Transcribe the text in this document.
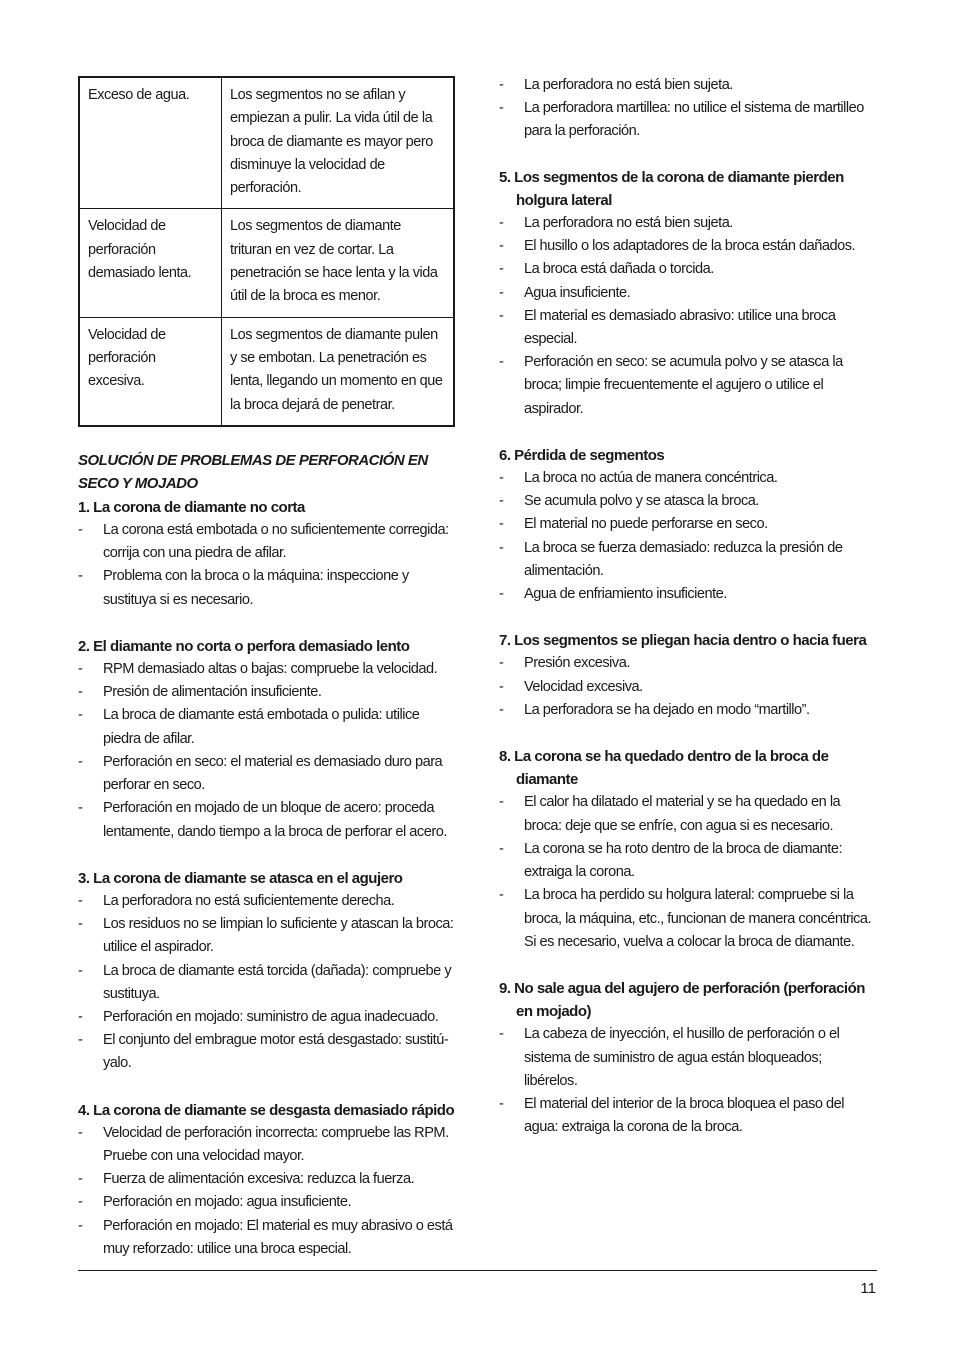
Exceso de agua.	Los segmentos no se afilan y empiezan a pulir. La vida útil de la broca de diamante es mayor pero disminuye la velocidad de perforación.
Velocidad de perforación demasiado lenta.	Los segmentos de diamante trituran en vez de cortar. La penetración se hace lenta y la vida útil de la broca es menor.
Velocidad de perforación excesiva.	Los segmentos de diamante pulen y se embotan. La penetración es lenta, llegando un momento en que la broca dejará de penetrar.
SOLUCIÓN DE PROBLEMAS DE PERFORACIÓN EN SECO Y MOJADO
1. La corona de diamante no corta
- La corona está embotada o no suficientemente corregida: corrija con una piedra de afilar.
- Problema con la broca o la máquina: inspeccione y sustituya si es necesario.
2. El diamante no corta o perfora demasiado lento
- RPM demasiado altas o bajas: compruebe la velocidad.
- Presión de alimentación insuficiente.
- La broca de diamante está embotada o pulida: utilice piedra de afilar.
- Perforación en seco: el material es demasiado duro para perforar en seco.
- Perforación en mojado de un bloque de acero: proceda lentamente, dando tiempo a la broca de perforar el acero.
3. La corona de diamante se atasca en el agujero
- La perforadora no está suficientemente derecha.
- Los residuos no se limpian lo suficiente y atascan la broca: utilice el aspirador.
- La broca de diamante está torcida (dañada): compruebe y sustituya.
- Perforación en mojado: suministro de agua inadecuado.
- El conjunto del embrague motor está desgastado: sustitúyalo.
4. La corona de diamante se desgasta demasiado rápido
- Velocidad de perforación incorrecta: compruebe las RPM. Pruebe con una velocidad mayor.
- Fuerza de alimentación excesiva: reduzca la fuerza.
- Perforación en mojado: agua insuficiente.
- Perforación en mojado: El material es muy abrasivo o está muy reforzado: utilice una broca especial.
- La perforadora no está bien sujeta.
- La perforadora martillea: no utilice el sistema de martilleo para la perforación.
5. Los segmentos de la corona de diamante pierden holgura lateral
- La perforadora no está bien sujeta.
- El husillo o los adaptadores de la broca están dañados.
- La broca está dañada o torcida.
- Agua insuficiente.
- El material es demasiado abrasivo: utilice una broca especial.
- Perforación en seco: se acumula polvo y se atasca la broca; limpie frecuentemente el agujero o utilice el aspirador.
6. Pérdida de segmentos
- La broca no actúa de manera concéntrica.
- Se acumula polvo y se atasca la broca.
- El material no puede perforarse en seco.
- La broca se fuerza demasiado: reduzca la presión de alimentación.
- Agua de enfriamiento insuficiente.
7. Los segmentos se pliegan hacia dentro o hacia fuera
- Presión excesiva.
- Velocidad excesiva.
- La perforadora se ha dejado en modo “martillo”.
8. La corona se ha quedado dentro de la broca de diamante
- El calor ha dilatado el material y se ha quedado en la broca: deje que se enfríe, con agua si es necesario.
- La corona se ha roto dentro de la broca de diamante: extraiga la corona.
- La broca ha perdido su holgura lateral: compruebe si la broca, la máquina, etc., funcionan de manera concéntrica. Si es necesario, vuelva a colocar la broca de diamante.
9. No sale agua del agujero de perforación (perforación en mojado)
- La cabeza de inyección, el husillo de perforación o el sistema de suministro de agua están bloqueados; libérelos.
- El material del interior de la broca bloquea el paso del agua: extraiga la corona de la broca.
11
